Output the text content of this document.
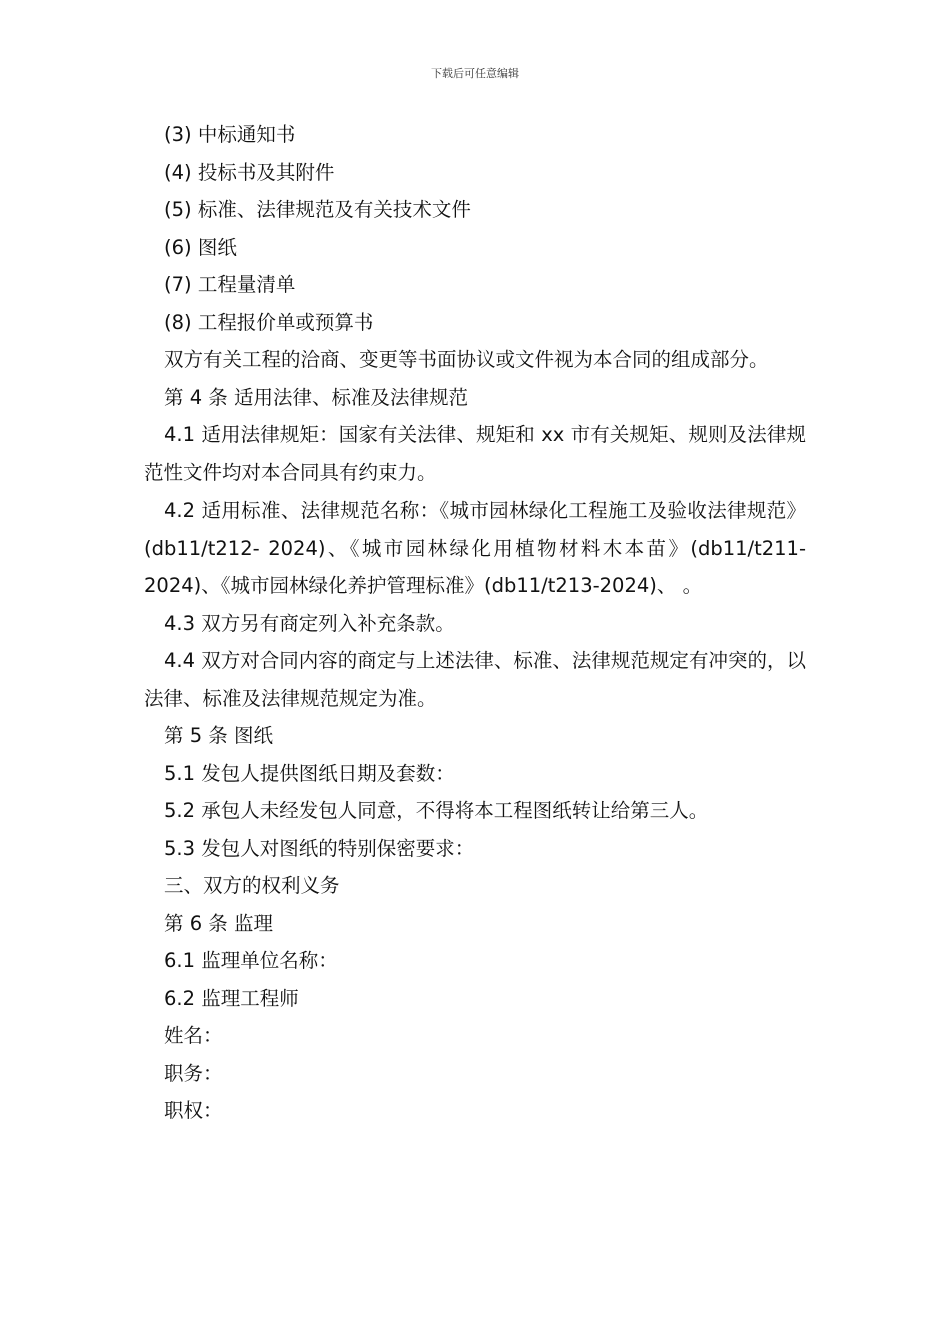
下载后可任意编辑

(3) 中标通知书

(4) 投标书及其附件

(5) 标准、法律规范及有关技术文件

(6) 图纸

(7) 工程量清单

(8) 工程报价单或预算书

双方有关工程的洽商、变更等书面协议或文件视为本合同的组成部分。

第 4 条 适用法律、标准及法律规范

4.1 适用法律规矩：国家有关法律、规矩和 xx 市有关规矩、规则及法律规范性文件均对本合同具有约束力。

4.2 适用标准、法律规范名称：《城市园林绿化工程施工及验收法律规范》(db11/t212- 2024)、《城市园林绿化用植物材料木本苗》(db11/t211- 2024)、《城市园林绿化养护管理标准》(db11/t213-2024)、 。

4.3 双方另有商定列入补充条款。

4.4 双方对合同内容的商定与上述法律、标准、法律规范规定有冲突的，以法律、标准及法律规范规定为准。

第 5 条 图纸

5.1 发包人提供图纸日期及套数：

5.2 承包人未经发包人同意，不得将本工程图纸转让给第三人。

5.3 发包人对图纸的特别保密要求：

三、双方的权利义务

第 6 条 监理

6.1 监理单位名称：

6.2 监理工程师

姓名：

职务：

职权：
